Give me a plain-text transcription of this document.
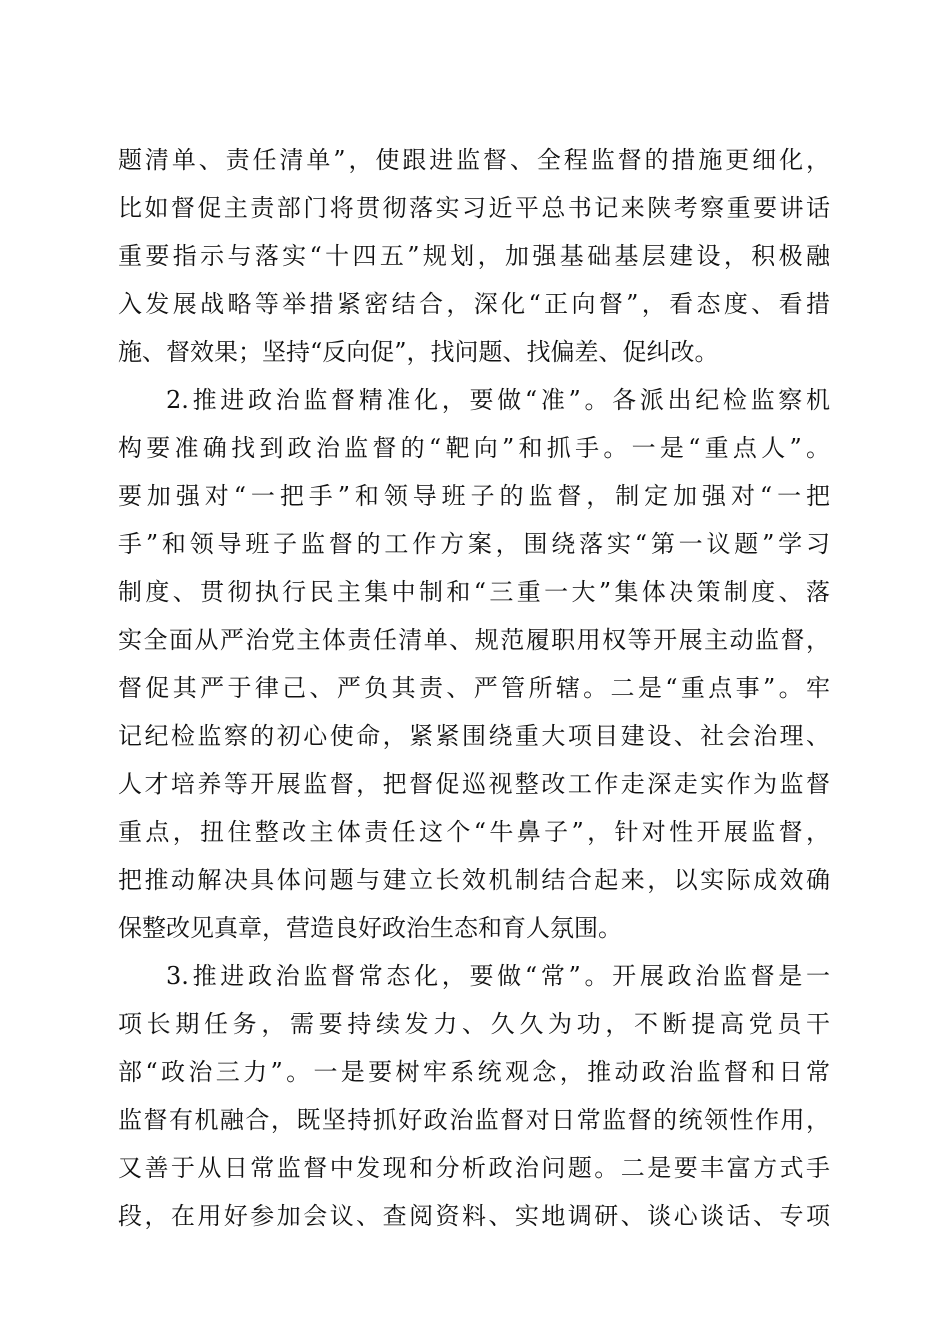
题清单、责任清单”，使跟进监督、全程监督的措施更细化，
比如督促主责部门将贯彻落实习近平总书记来陕考察重要讲话
重要指示与落实“十四五”规划，加强基础基层建设，积极融
入发展战略等举措紧密结合，深化“正向督”，看态度、看措
施、督效果；坚持“反向促”，找问题、找偏差、促纠改。
2.推进政治监督精准化，要做“准”。各派出纪检监察机
构要准确找到政治监督的“靶向”和抓手。一是“重点人”。
要加强对“一把手”和领导班子的监督，制定加强对“一把
手”和领导班子监督的工作方案，围绕落实“第一议题”学习
制度、贯彻执行民主集中制和“三重一大”集体决策制度、落
实全面从严治党主体责任清单、规范履职用权等开展主动监督，
督促其严于律己、严负其责、严管所辖。二是“重点事”。牢
记纪检监察的初心使命，紧紧围绕重大项目建设、社会治理、
人才培养等开展监督，把督促巡视整改工作走深走实作为监督
重点，扭住整改主体责任这个“牛鼻子”，针对性开展监督，
把推动解决具体问题与建立长效机制结合起来，以实际成效确
保整改见真章，营造良好政治生态和育人氛围。
3.推进政治监督常态化，要做“常”。开展政治监督是一
项长期任务，需要持续发力、久久为功，不断提高党员干
部“政治三力”。一是要树牢系统观念，推动政治监督和日常
监督有机融合，既坚持抓好政治监督对日常监督的统领性作用，
又善于从日常监督中发现和分析政治问题。二是要丰富方式手
段，在用好参加会议、查阅资料、实地调研、谈心谈话、专项
